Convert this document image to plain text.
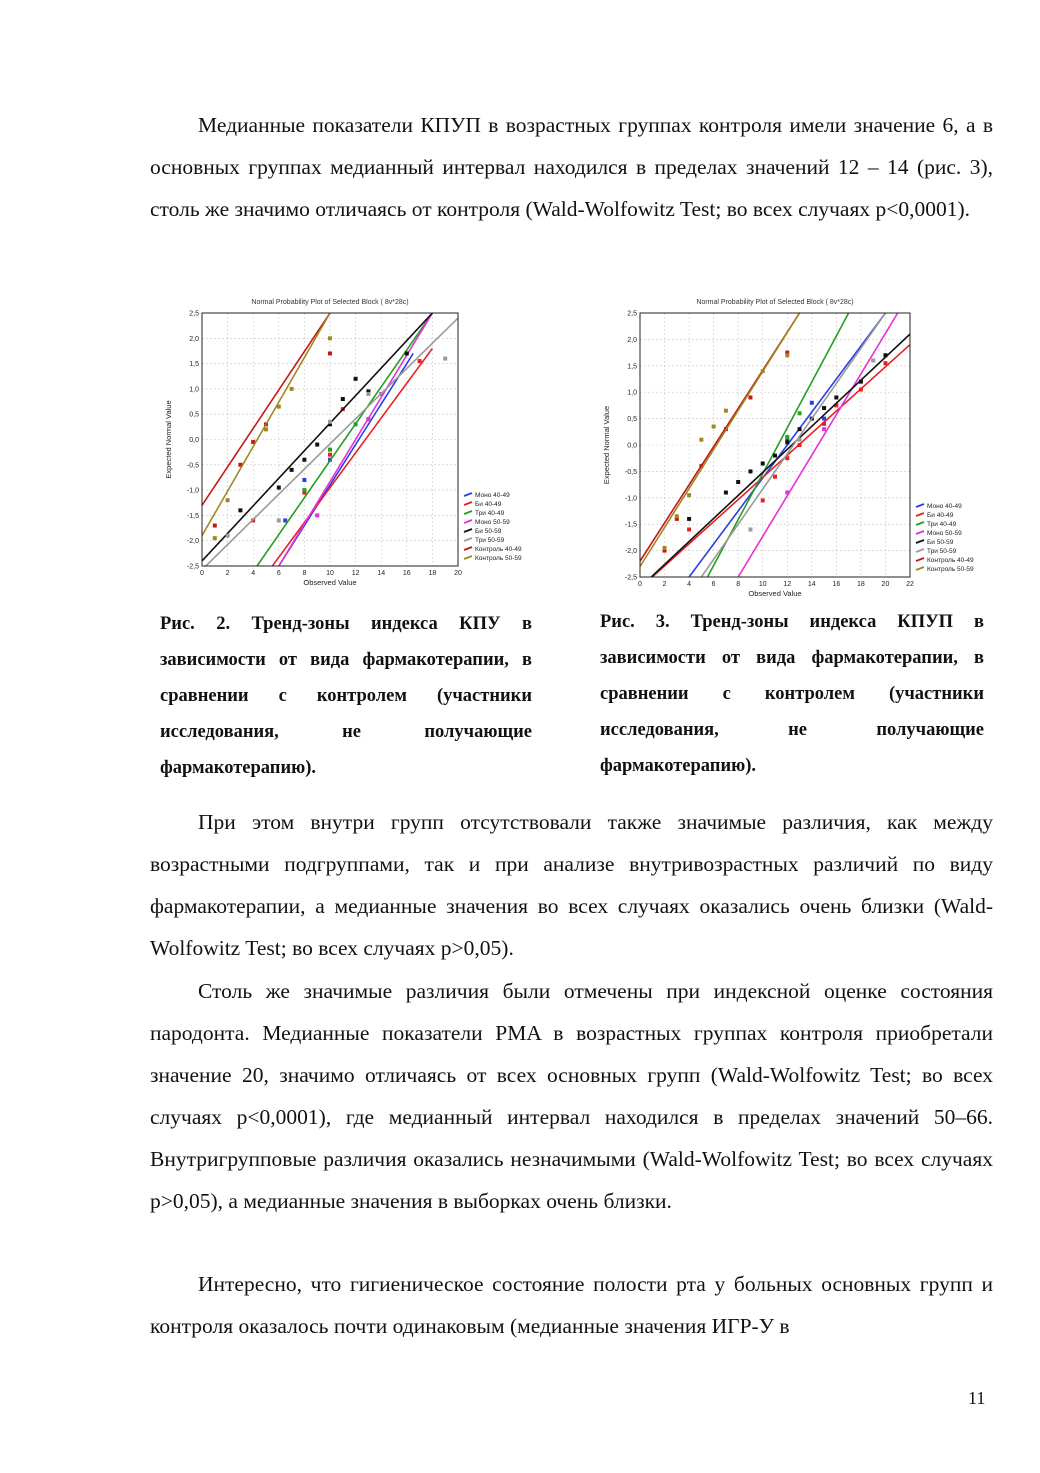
Медианные показатели КПУП в возрастных группах контроля имели значение 6, а в основных группах медианный интервал находился в пределах значений 12 – 14 (рис. 3), столь же значимо отличаясь от контроля (Wald-Wolfowitz Test; во всех случаях p<0,0001).

Normal Probability Plot of Selected Block ( 8v*28c)
0	2	4	6	8	10	12	14	16	18	20
2,5
2,0
1,5
1,0
0,5
0,0
-0,5
-1,0
-1,5
-2,0
-2,5
Observed Value
Expected Normal Value
Моно 40-49
Би 40-49
Три 40-49
Моно 50-59
Би 50-59
Три 50-59
Контроль 40-49
Контроль 50-59
Normal Probability Plot of Selected Block ( 8v*28c)
0	2	4	6	8	10 12 14 16 18 20 22
2,5
2,0
1,5
1,0
0,5
0,0
-0,5
-1,0
-1,5
-2,0
-2,5
Observed Value
Expected Normal Value
Моно 40-49
Би 40-49
Три 40-49
Моно 50-59
Би 50-59
Три 50-59
Контроль 40-49
Контроль 50-59

Рис. 2. Тренд-зоны индекса КПУ в зависимости от вида фармакотерапии, в сравнении с контролем (участники исследования, не получающие фармакотерапию).

Рис. 3. Тренд-зоны индекса КПУП в зависимости от вида фармакотерапии, в сравнении с контролем (участники исследования, не получающие фармакотерапию).

При этом внутри групп отсутствовали также значимые различия, как между возрастными подгруппами, так и при анализе внутривозрастных различий по виду фармакотерапии, а медианные значения во всех случаях оказались очень близки (Wald-Wolfowitz Test; во всех случаях p>0,05).

Столь же значимые различия были отмечены при индексной оценке состояния пародонта. Медианные показатели PMA в возрастных группах контроля приобретали значение 20, значимо отличаясь от всех основных групп (Wald-Wolfowitz Test; во всех случаях p<0,0001), где медианный интервал находился в пределах значений 50–66. Внутригрупповые различия оказались незначимыми (Wald-Wolfowitz Test; во всех случаях p>0,05), а медианные значения в выборках очень близки.

Интересно, что гигиеническое состояние полости рта у больных основных групп и контроля оказалось почти одинаковым (медианные значения ИГР-У в

11
